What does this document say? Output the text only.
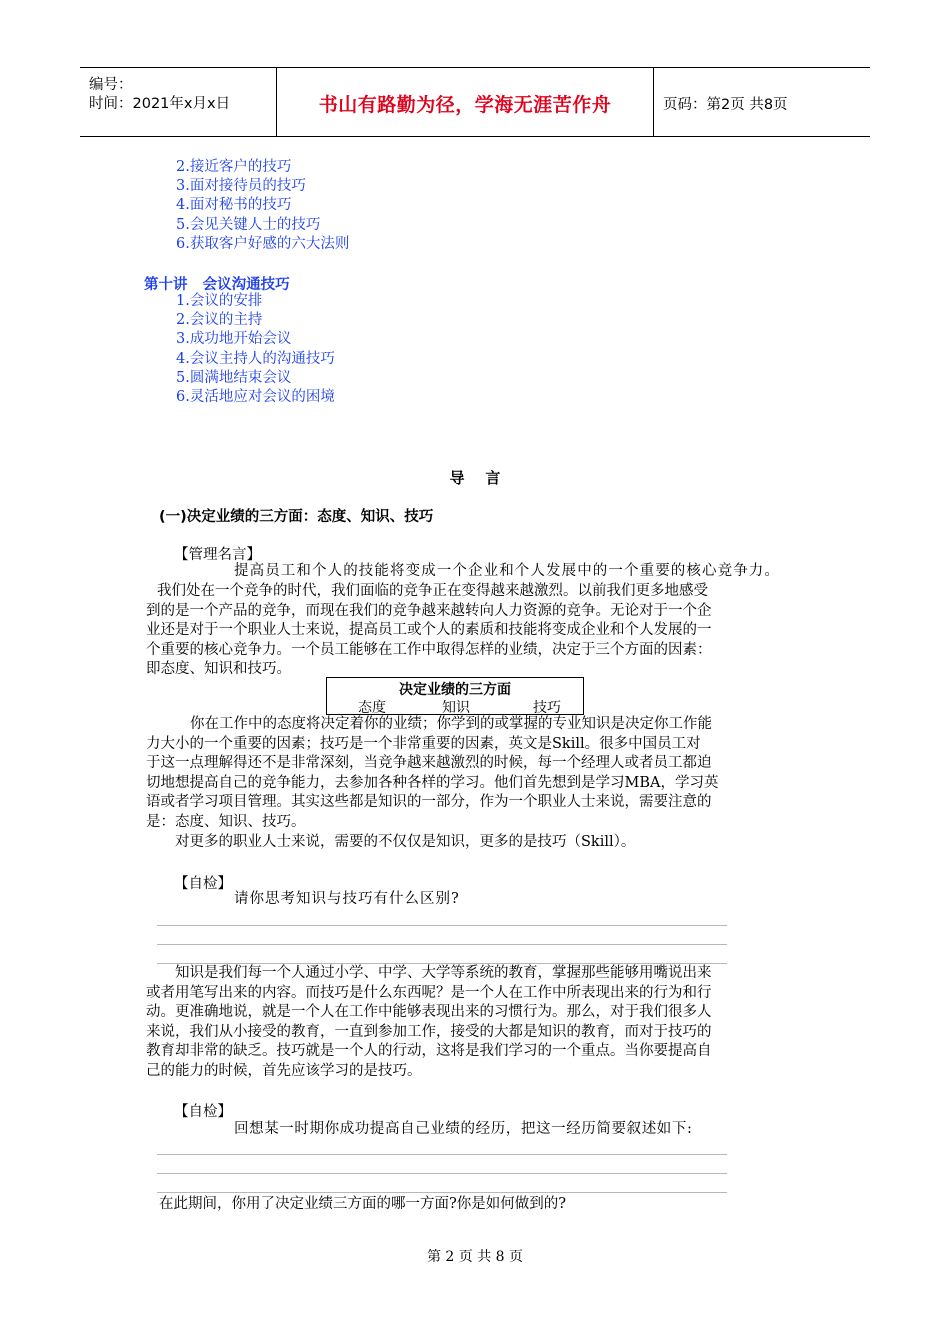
编号：
时间：2021年x月x日	书山有路勤为径，学海无涯苦作舟	页码：第2页 共8页
2.接近客户的技巧
3.面对接待员的技巧
4.面对秘书的技巧
5.会见关键人士的技巧
6.获取客户好感的六大法则
第十讲   会议沟通技巧
1.会议的安排
2.会议的主持
3.成功地开始会议
4.会议主持人的沟通技巧
5.圆满地结束会议
6.灵活地应对会议的困境
导    言
(一)决定业绩的三方面：态度、知识、技巧
【管理名言】
提高员工和个人的技能将变成一个企业和个人发展中的一个重要的核心竞争力。
我们处在一个竞争的时代，我们面临的竞争正在变得越来越激烈。以前我们更多地感受
到的是一个产品的竞争，而现在我们的竞争越来越转向人力资源的竞争。无论对于一个企
业还是对于一个职业人士来说，提高员工或个人的素质和技能将变成企业和个人发展的一
个重要的核心竞争力。一个员工能够在工作中取得怎样的业绩，决定于三个方面的因素：
即态度、知识和技巧。
决定业绩的三方面
态度	知识	技巧
你在工作中的态度将决定着你的业绩；你学到的或掌握的专业知识是决定你工作能
力大小的一个重要的因素；技巧是一个非常重要的因素，英文是Skill。很多中国员工对
于这一点理解得还不是非常深刻，当竞争越来越激烈的时候，每一个经理人或者员工都迫
切地想提高自己的竞争能力，去参加各种各样的学习。他们首先想到是学习MBA，学习英
语或者学习项目管理。其实这些都是知识的一部分，作为一个职业人士来说，需要注意的
是：态度、知识、技巧。
对更多的职业人士来说，需要的不仅仅是知识，更多的是技巧（Skill）。
【自检】
请你思考知识与技巧有什么区别?
知识是我们每一个人通过小学、中学、大学等系统的教育，掌握那些能够用嘴说出来
或者用笔写出来的内容。而技巧是什么东西呢？是一个人在工作中所表现出来的行为和行
动。更准确地说，就是一个人在工作中能够表现出来的习惯行为。那么，对于我们很多人
来说，我们从小接受的教育，一直到参加工作，接受的大都是知识的教育，而对于技巧的
教育却非常的缺乏。技巧就是一个人的行动，这将是我们学习的一个重点。当你要提高自
己的能力的时候，首先应该学习的是技巧。
【自检】
回想某一时期你成功提高自己业绩的经历，把这一经历简要叙述如下:
在此期间，你用了决定业绩三方面的哪一方面?你是如何做到的?
第 2 页 共 8 页
